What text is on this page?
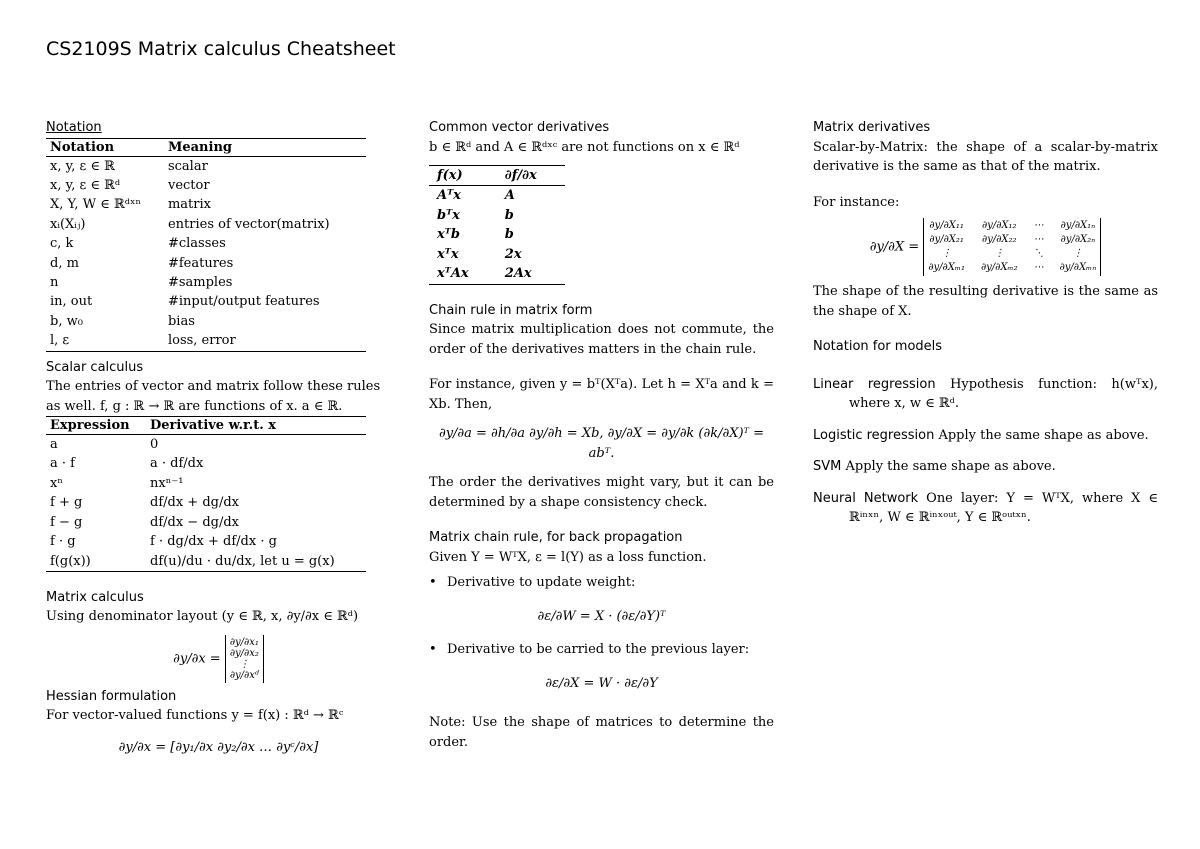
CS2109S Matrix calculus Cheatsheet
Notation
Notation	Meaning
x, y, ε ∈ ℝ	scalar
x, y, ε ∈ ℝᵈ	vector
X, Y, W ∈ ℝᵈˣⁿ	matrix
xᵢ(Xᵢⱼ)	entries of vector(matrix)
c, k	#classes
d, m	#features
n	#samples
in, out	#input/output features
b, w₀	bias
l, ε	loss, error
Scalar calculus
The entries of vector and matrix follow these rules as well. f, g : ℝ → ℝ are functions of x. a ∈ ℝ.
Expression	Derivative w.r.t. x
a	0
a · f	a · df/dx
xⁿ	nxⁿ⁻¹
f + g	df/dx + dg/dx
f − g	df/dx − dg/dx
f · g	f · dg/dx + df/dx · g
f(g(x))	df(u)/du · du/dx, let u = g(x)
Matrix calculus
Using denominator layout (y ∈ ℝ, x, ∂y/∂x ∈ ℝᵈ)
∂y/∂x =
∂y/∂x₁
∂y/∂x₂
⋮
∂y/∂xᵈ
Hessian formulation
For vector-valued functions y = f(x) : ℝᵈ → ℝᶜ
∂y/∂x = [∂y₁/∂x ∂y₂/∂x … ∂yᶜ/∂x]
Common vector derivatives
b ∈ ℝᵈ and A ∈ ℝᵈˣᶜ are not functions on x ∈ ℝᵈ
f(x)	∂f/∂x
Aᵀx	A
bᵀx	b
xᵀb	b
xᵀx	2x
xᵀAx	2Ax
Chain rule in matrix form
Since matrix multiplication does not commute, the order of the derivatives matters in the chain rule.
For instance, given y = bᵀ(Xᵀa). Let h = Xᵀa and k = Xb. Then,
∂y/∂a = ∂h/∂a ∂y/∂h = Xb, ∂y/∂X = ∂y/∂k (∂k/∂X)ᵀ = abᵀ.
The order the derivatives might vary, but it can be determined by a shape consistency check.
Matrix chain rule, for back propagation
Given Y = WᵀX, ε = l(Y) as a loss function.
• Derivative to update weight:
∂ε/∂W = X · (∂ε/∂Y)ᵀ
• Derivative to be carried to the previous layer:
∂ε/∂X = W · ∂ε/∂Y
Note: Use the shape of matrices to determine the order.
Matrix derivatives
Scalar-by-Matrix: the shape of a scalar-by-matrix derivative is the same as that of the matrix.
For instance:
∂y/∂X =
∂y/∂X₁₁ ∂y/∂X₁₂ ⋯ ∂y/∂X₁ₙ
∂y/∂X₂₁ ∂y/∂X₂₂ ⋯ ∂y/∂X₂ₙ
⋮	⋮	⋱	⋮
∂y/∂Xₘ₁ ∂y/∂Xₘ₂ ⋯ ∂y/∂Xₘₙ
The shape of the resulting derivative is the same as the shape of X.
Notation for models
Linear regression Hypothesis function: h(wᵀx), where x, w ∈ ℝᵈ.
Logistic regression Apply the same shape as above.
SVM Apply the same shape as above.
Neural Network One layer: Y = WᵀX, where X ∈ ℝⁱⁿˣⁿ, W ∈ ℝⁱⁿˣᵒᵘᵗ, Y ∈ ℝᵒᵘᵗˣⁿ.
